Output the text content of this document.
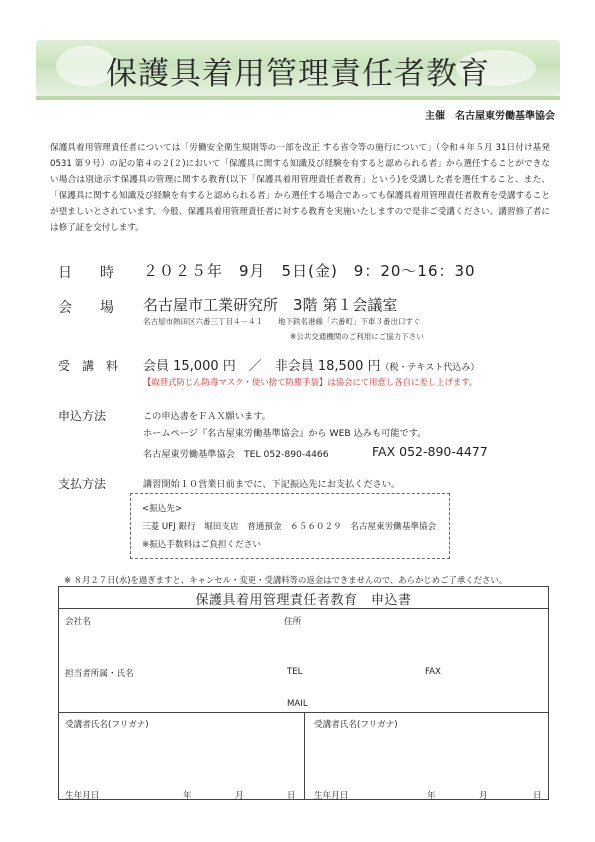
保護具着用管理責任者教育
主催　名古屋東労働基準協会
保護具着用管理責任者については「労働安全衛生規則等の一部を改正 する省令等の施行について」（令和４年５月 31日付け基発 0531 第９号）の記の第４の２(２)において「保護具に関する知識及び経験を有すると認められる者」から選任することができない場合は別途示す保護具の管理に関する教育(以下「保護具着用管理責任者教育」という)を受講した者を選任すること、また、「保護具に関する知識及び経験を有すると認められる者」から選任する場合であっても保護具着用管理責任者教育を受講することが望ましいとされています。今般、保護具着用管理責任者に対する教育を実施いたしますので是非ご受講ください。講習修了者には修了証を交付します。
日　　時 ２０２５年　9月　5日(金)　9：20～16：30
会　　場 名古屋市工業研究所　3階 第１会議室
名古屋市熱田区六番三丁目４－４１　　地下鉄名港線「六番町」下車３番出口すぐ
※公共交通機関のご利用にご協力下さい
受　講　料 会員 15,000 円　／　非会員 18,500 円（税・テキスト代込み）
【取替式防じん防毒マスク・使い捨て防塵手袋】は協会にて用意し各自に差し上げます。
申込方法	この申込書をＦＡＸ願います。
ホームページ『名古屋東労働基準協会』から WEB 込みも可能です。
名古屋東労働基準協会　TEL 052-890-4466	FAX 052-890-4477
支払方法	講習開始１０営業日前までに、下記振込先にお支払ください。
<振込先>
三菱 UFJ 銀行　堀田支店　普通預金　６５６０２９　名古屋東労働基準協会
※振込手数料はご負担ください
※ ８月２７日(水)を過ぎますと、キャンセル・変更・受講料等の返金はできませんので、あらかじめご了承ください。
保護具着用管理責任者教育　申込書
会社名	住所
担当者所属・氏名	TEL	FAX
MAIL
受講者氏名(フリガナ)	受講者氏名(フリガナ)
生年月日	年	月	日 生年月日	年	月	日
